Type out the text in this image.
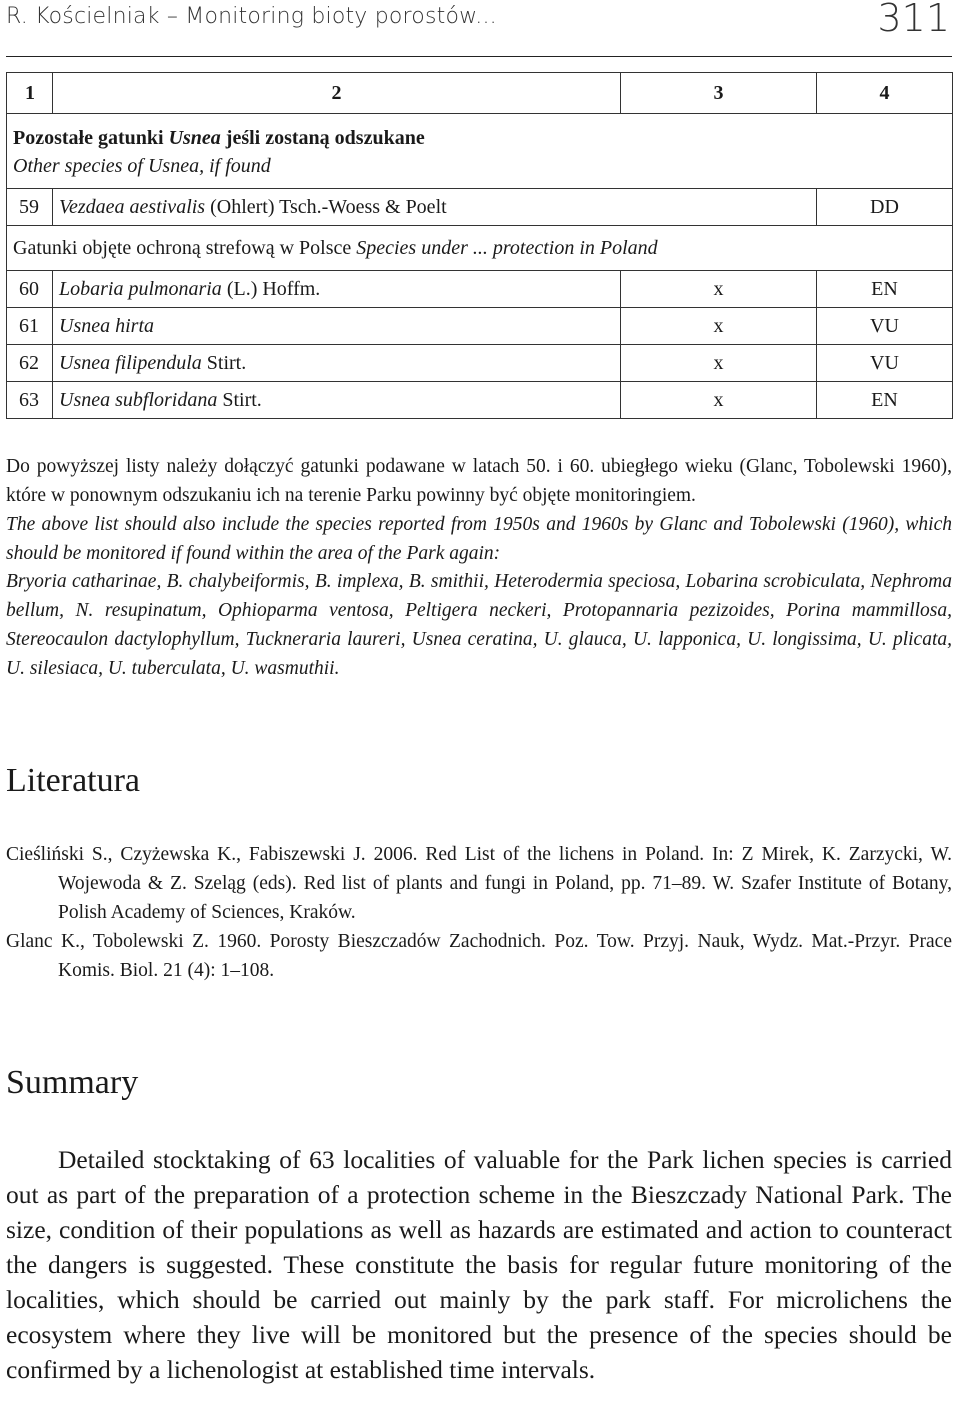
R. Kościelniak – Monitoring bioty porostów...	311
1	2	3	4
Pozostałe gatunki Usnea jeśli zostaną odszukane
Other species of Usnea, if found			
59	Vezdaea aestivalis (Ohlert) Tsch.-Woess & Poelt		DD
Gatunki objęte ochroną strefową w Polsce Species under ... protection in Poland			
60	Lobaria pulmonaria (L.) Hoffm.	x	EN
61	Usnea hirta	x	VU
62	Usnea filipendula Stirt.	x	VU
63	Usnea subfloridana Stirt.	x	EN

Do powyższej listy należy dołączyć gatunki podawane w latach 50. i 60. ubiegłego wieku (Glanc, Tobolewski 1960), które w ponownym odszukaniu ich na terenie Parku powinny być objęte monitoringiem.

The above list should also include the species reported from 1950s and 1960s by Glanc and Tobolewski (1960), which should be monitored if found within the area of the Park again:

Bryoria catharinae, B. chalybeiformis, B. implexa, B. smithii, Heterodermia speciosa, Lobarina scrobiculata, Nephroma bellum, N. resupinatum, Ophioparma ventosa, Peltigera neckeri, Protopannaria pezizoides, Porina mammillosa, Stereocaulon dactylophyllum, Tuckneraria laureri, Usnea ceratina, U. glauca, U. lapponica, U. longissima, U. plicata, U. silesiaca, U. tuberculata, U. wasmuthii.

Literatura

Cieśliński S., Czyżewska K., Fabiszewski J. 2006. Red List of the lichens in Poland. In: Z Mirek, K. Zarzycki, W. Wojewoda & Z. Szeląg (eds). Red list of plants and fungi in Poland, pp. 71–89. W. Szafer Institute of Botany, Polish Academy of Sciences, Kraków.

Glanc K., Tobolewski Z. 1960. Porosty Bieszczadów Zachodnich. Poz. Tow. Przyj. Nauk, Wydz. Mat.-Przyr. Prace Komis. Biol. 21 (4): 1–108.

Summary

Detailed stocktaking of 63 localities of valuable for the Park lichen species is carried out as part of the preparation of a protection scheme in the Bieszczady National Park. The size, condition of their populations as well as hazards are estimated and action to counteract the dangers is suggested. These constitute the basis for regular future monitoring of the localities, which should be carried out mainly by the park staff. For microlichens the ecosystem where they live will be monitored but the presence of the species should be confirmed by a lichenologist at established time intervals.
